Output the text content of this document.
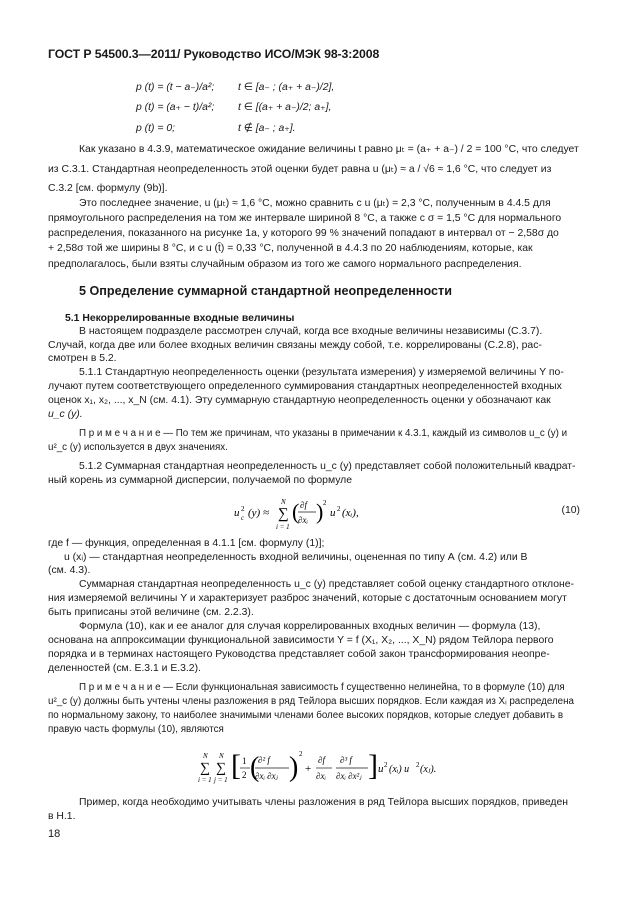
ГОСТ Р 54500.3—2011/ Руководство ИСО/МЭК 98-3:2008
p (t) = (t − a₋)/a²; t ∈ [a₋ ; (a₊ + a₋)/2],
p (t) = (a₊ − t)/a²; t ∈ [(a₊ + a₋)/2; a₊],
p (t) = 0;	t ∉ [a₋ ; a₊].
Как указано в 4.3.9, математическое ожидание величины t равно μₜ = (a₊ + a₋) / 2 = 100 °С, что следует
из С.3.1. Стандартная неопределенность этой оценки будет равна u (μₜ) ≈ a / √6 ≈ 1,6 °С, что следует из
С.3.2 [см. формулу (9b)].
Это последнее значение, u (μₜ) ≈ 1,6 °С, можно сравнить с u (μₜ) = 2,3 °С, полученным в 4.4.5 для
прямоугольного распределения на том же интервале шириной 8 °С, а также с σ = 1,5 °С для нормального
распределения, показанного на рисунке 1а, у которого 99 % значений попадают в интервал от − 2,58σ до
+ 2,58σ той же ширины 8 °С, и с u (t̄) = 0,33 °С, полученной в 4.4.3 по 20 наблюдениям, которые, как
предполагалось, были взяты случайным образом из того же самого нормального распределения.
5 Определение суммарной стандартной неопределенности
5.1 Некоррелированные входные величины
В настоящем подразделе рассмотрен случай, когда все входные величины независимы (С.3.7).
Случай, когда две или более входных величин связаны между собой, т.е. коррелированы (С.2.8), рас-
смотрен в 5.2.
5.1.1 Стандартную неопределенность оценки (результата измерения) y измеряемой величины Y по-
лучают путем соответствующего определенного суммирования стандартных неопределенностей входных
оценок x₁, x₂, ..., x_N (см. 4.1). Эту суммарную стандартную неопределенность оценки y обозначают как
u_c (y).
П р и м е ч а н и е — По тем же причинам, что указаны в примечании к 4.3.1, каждый из символов u_c (y) и
u²_c (y) используется в двух значениях.
5.1.2 Суммарная стандартная неопределенность u_c (y) представляет собой положительный квадрат-
ный корень из суммарной дисперсии, получаемой по формуле
u 2
c (y) ≈ ∑
N
i = 1
( ∂f
∂xᵢ ) 2
u 2 (xᵢ),	(10)
где f — функция, определенная в 4.1.1 [см. формулу (1)];
u (xᵢ) — стандартная неопределенность входной величины, оцененная по типу А (см. 4.2) или В
(см. 4.3).
Суммарная стандартная неопределенность u_c (y) представляет собой оценку стандартного отклоне-
ния измеряемой величины Y и характеризует разброс значений, которые с достаточным основанием могут
быть приписаны этой величине (см. 2.2.3).
Формула (10), как и ее аналог для случая коррелированных входных величин — формула (13),
основана на аппроксимации функциональной зависимости Y = f (X₁, X₂, ..., X_N) рядом Тейлора первого
порядка и в терминах настоящего Руководства представляет собой закон трансформирования неопре-
деленностей (см. Е.3.1 и Е.3.2).
П р и м е ч а н и е — Если функциональная зависимость f существенно нелинейна, то в формуле (10) для
u²_c (y) должны быть учтены члены разложения в ряд Тейлора высших порядков. Если каждая из Xᵢ распределена
по нормальному закону, то наиболее значимыми членами более высоких порядков, которые следует добавить в
правую часть формулы (10), являются
∑
N
i = 1
∑
N
j = 1 [ 1
2 (
∂² f
∂xᵢ ∂xⱼ ) 2
+
∂f
∂xᵢ
∂³ f
∂xᵢ ∂x²ⱼ ] u 2 (xᵢ) u 2 (xⱼ).
Пример, когда необходимо учитывать члены разложения в ряд Тейлора высших порядков, приведен
в Н.1.
18
